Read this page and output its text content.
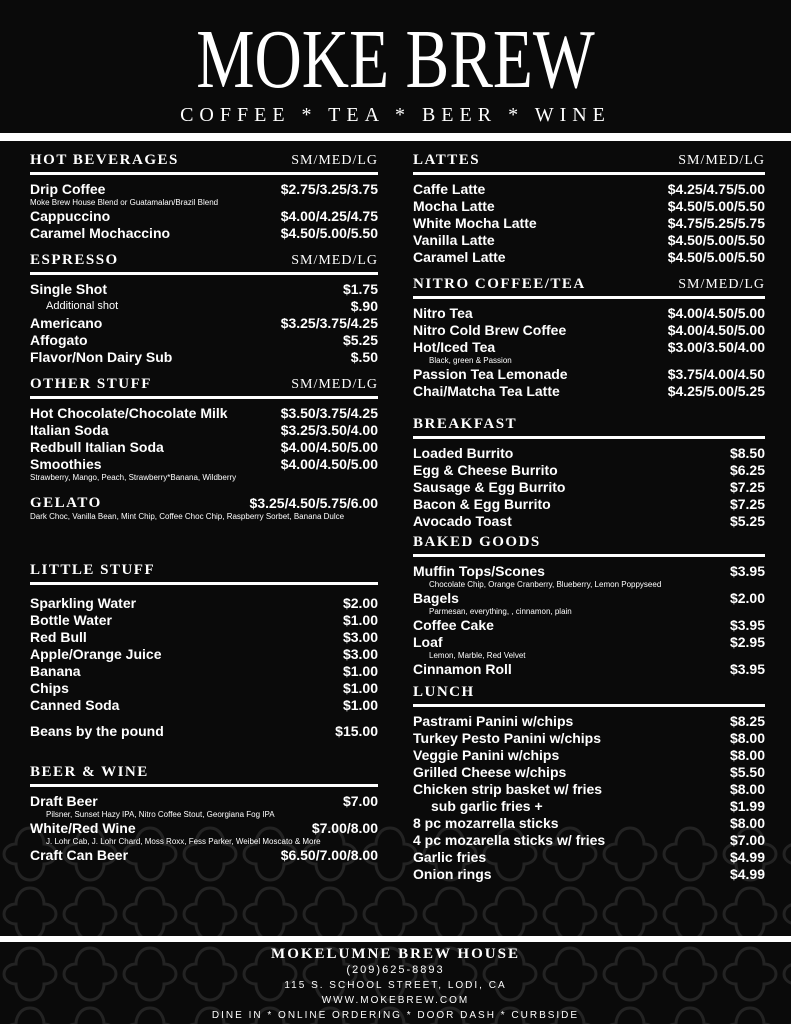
MOKE BREW
COFFEE * TEA * BEER * WINE
HOT BEVERAGES	SM/MED/LG
Drip Coffee	$2.75/3.25/3.75
Moke Brew House Blend or Guatamalan/Brazil Blend
Cappuccino	$4.00/4.25/4.75
Caramel Mochaccino	$4.50/5.00/5.50
ESPRESSO	SM/MED/LG
Single Shot	$1.75
Additional shot	$.90
Americano	$3.25/3.75/4.25
Affogato	$5.25
Flavor/Non Dairy Sub	$.50
OTHER STUFF	SM/MED/LG
Hot Chocolate/Chocolate Milk	$3.50/3.75/4.25
Italian Soda	$3.25/3.50/4.00
Redbull Italian Soda	$4.00/4.50/5.00
Smoothies	$4.00/4.50/5.00
Strawberry, Mango, Peach, Strawberry*Banana, Wildberry
GELATO	$3.25/4.50/5.75/6.00
Dark Choc, Vanilla Bean, Mint Chip, Coffee Choc Chip, Raspberry Sorbet, Banana Dulce
LITTLE STUFF
Sparkling Water	$2.00
Bottle Water	$1.00
Red Bull	$3.00
Apple/Orange Juice	$3.00
Banana	$1.00
Chips	$1.00
Canned Soda	$1.00
Beans by the pound	$15.00
BEER & WINE
Draft Beer	$7.00
Pilsner, Sunset Hazy IPA, Nitro Coffee Stout, Georgiana Fog IPA
White/Red Wine	$7.00/8.00
J. Lohr Cab, J. Lohr Chard, Moss Roxx, Fess Parker, Weibel Moscato & More
Craft Can Beer	$6.50/7.00/8.00
LATTES	SM/MED/LG
Caffe Latte	$4.25/4.75/5.00
Mocha Latte	$4.50/5.00/5.50
White Mocha Latte	$4.75/5.25/5.75
Vanilla Latte	$4.50/5.00/5.50
Caramel Latte	$4.50/5.00/5.50
NITRO COFFEE/TEA	SM/MED/LG
Nitro Tea	$4.00/4.50/5.00
Nitro Cold Brew Coffee	$4.00/4.50/5.00
Hot/Iced Tea	$3.00/3.50/4.00
Black, green & Passion
Passion Tea Lemonade	$3.75/4.00/4.50
Chai/Matcha Tea Latte	$4.25/5.00/5.25
BREAKFAST
Loaded Burrito	$8.50
Egg & Cheese Burrito	$6.25
Sausage & Egg Burrito	$7.25
Bacon & Egg Burrito	$7.25
Avocado Toast	$5.25
BAKED GOODS
Muffin Tops/Scones	$3.95
Chocolate Chip, Orange Cranberry, Blueberry, Lemon Poppyseed
Bagels	$2.00
Parmesan, everything, , cinnamon, plain
Coffee Cake	$3.95
Loaf	$2.95
Lemon, Marble, Red Velvet
Cinnamon Roll	$3.95
LUNCH
Pastrami Panini w/chips	$8.25
Turkey Pesto Panini w/chips	$8.00
Veggie Panini w/chips	$8.00
Grilled Cheese w/chips	$5.50
Chicken strip basket w/ fries	$8.00
sub garlic fries +	$1.99
8 pc mozarrella sticks	$8.00
4 pc mozarella sticks w/ fries	$7.00
Garlic fries	$4.99
Onion rings	$4.99
MOKELUMNE BREW HOUSE
(209)625-8893
115 S. SCHOOL STREET, LODI, CA
WWW.MOKEBREW.COM
DINE IN * ONLINE ORDERING * DOOR DASH * CURBSIDE
